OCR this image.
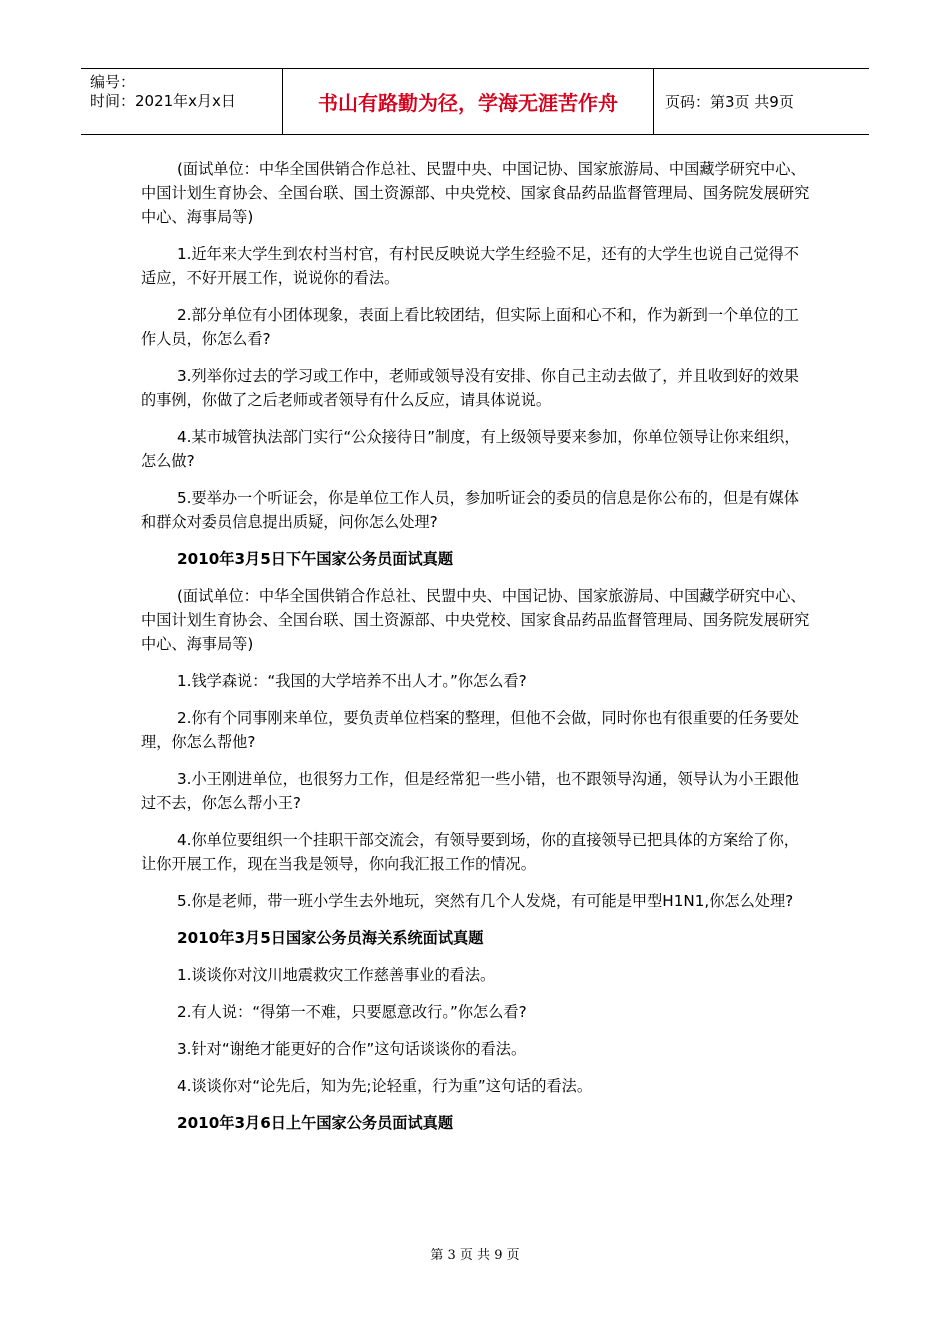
编号：
时间：2021年x月x日	书山有路勤为径，学海无涯苦作舟	页码：第3页 共9页

(面试单位：中华全国供销合作总社、民盟中央、中国记协、国家旅游局、中国藏学研究中心、中国计划生育协会、全国台联、国土资源部、中央党校、国家食品药品监督管理局、国务院发展研究中心、海事局等)

1.近年来大学生到农村当村官，有村民反映说大学生经验不足，还有的大学生也说自己觉得不适应，不好开展工作，说说你的看法。

2.部分单位有小团体现象，表面上看比较团结，但实际上面和心不和，作为新到一个单位的工作人员，你怎么看?

3.列举你过去的学习或工作中，老师或领导没有安排、你自己主动去做了，并且收到好的效果的事例，你做了之后老师或者领导有什么反应，请具体说说。

4.某市城管执法部门实行“公众接待日”制度，有上级领导要来参加，你单位领导让你来组织，怎么做?

5.要举办一个听证会，你是单位工作人员，参加听证会的委员的信息是你公布的，但是有媒体和群众对委员信息提出质疑，问你怎么处理?

2010年3月5日下午国家公务员面试真题

(面试单位：中华全国供销合作总社、民盟中央、中国记协、国家旅游局、中国藏学研究中心、中国计划生育协会、全国台联、国土资源部、中央党校、国家食品药品监督管理局、国务院发展研究中心、海事局等)

1.钱学森说：“我国的大学培养不出人才。”你怎么看?

2.你有个同事刚来单位，要负责单位档案的整理，但他不会做，同时你也有很重要的任务要处理，你怎么帮他?

3.小王刚进单位，也很努力工作，但是经常犯一些小错，也不跟领导沟通，领导认为小王跟他过不去，你怎么帮小王?

4.你单位要组织一个挂职干部交流会，有领导要到场，你的直接领导已把具体的方案给了你，让你开展工作，现在当我是领导，你向我汇报工作的情况。

5.你是老师，带一班小学生去外地玩，突然有几个人发烧，有可能是甲型H1N1,你怎么处理?

2010年3月5日国家公务员海关系统面试真题

1.谈谈你对汶川地震救灾工作慈善事业的看法。

2.有人说：“得第一不难，只要愿意改行。”你怎么看?

3.针对“谢绝才能更好的合作”这句话谈谈你的看法。

4.谈谈你对“论先后，知为先;论轻重，行为重”这句话的看法。

2010年3月6日上午国家公务员面试真题

第 3 页 共 9 页
